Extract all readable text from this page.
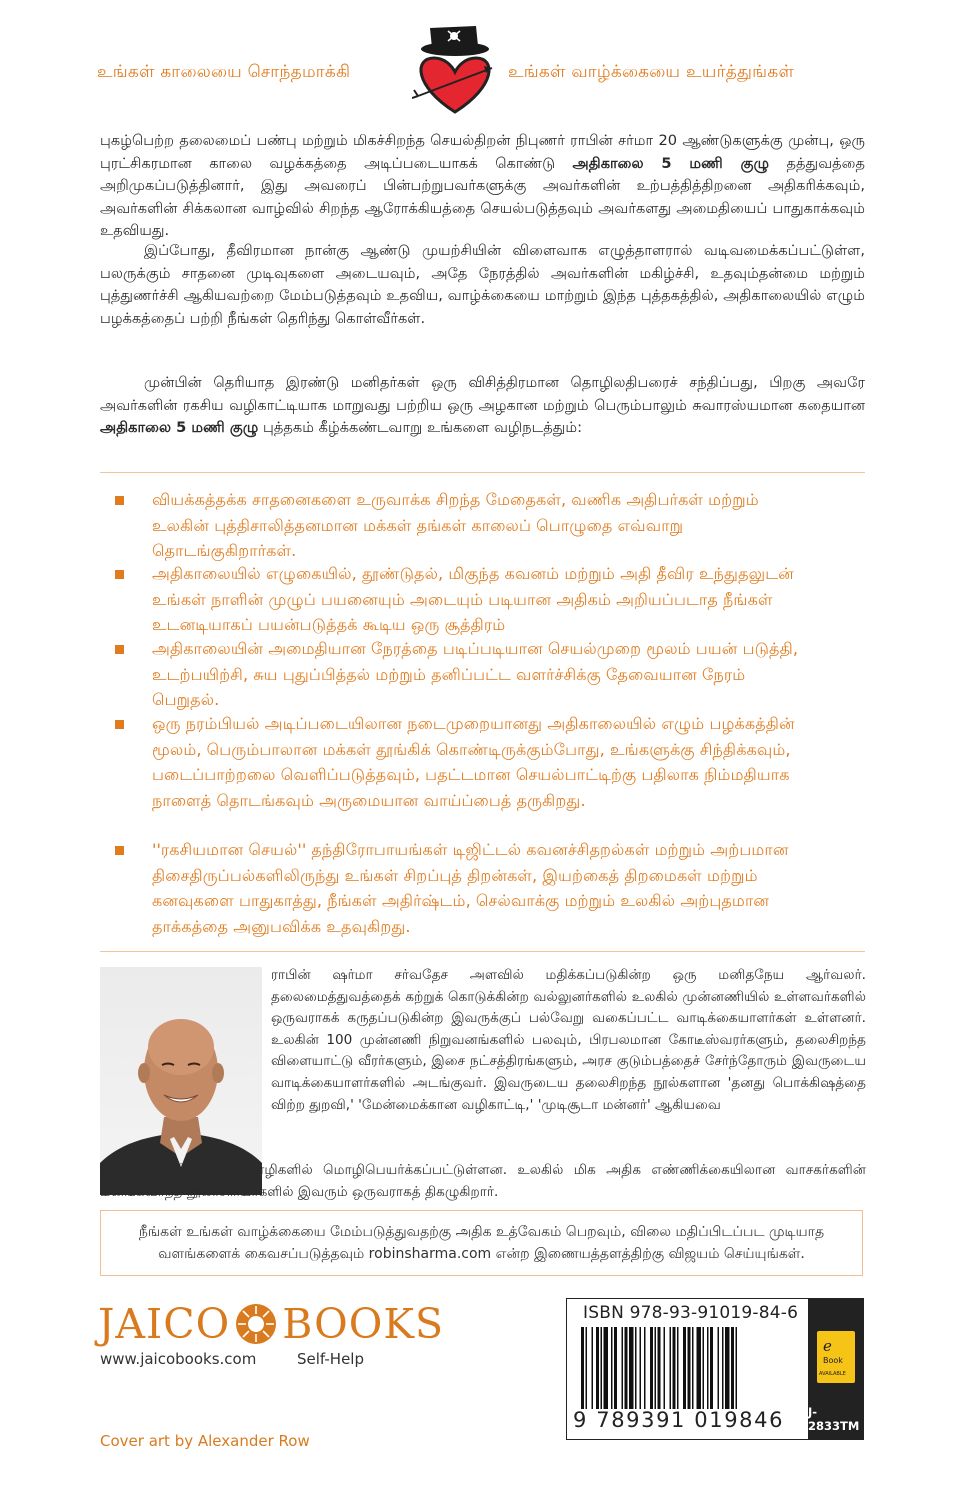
உங்கள் காலையை சொந்தமாக்கி	உங்கள் வாழ்க்கையை உயர்த்துங்கள்
புகழ்பெற்ற தலைமைப் பண்பு மற்றும் மிகச்சிறந்த செயல்திறன் நிபுணர் ராபின் சர்மா 20 ஆண்டுகளுக்கு முன்பு, ஒரு புரட்சிகரமான காலை வழக்கத்தை அடிப்படையாகக் கொண்டு அதிகாலை 5 மணி குழு தத்துவத்தை அறிமுகப்படுத்தினார், இது அவரைப் பின்பற்றுபவர்களுக்கு அவர்களின் உற்பத்தித்திறனை அதிகரிக்கவும், அவர்களின் சிக்கலான வாழ்வில் சிறந்த ஆரோக்கியத்தை செயல்படுத்தவும் அவர்களது அமைதியைப் பாதுகாக்கவும் உதவியது.
இப்போது, தீவிரமான நான்கு ஆண்டு முயற்சியின் விளைவாக எழுத்தாளரால் வடிவமைக்கப்பட்டுள்ள, பலருக்கும் சாதனை முடிவுகளை அடையவும், அதே நேரத்தில் அவர்களின் மகிழ்ச்சி, உதவும்தன்மை மற்றும் புத்துணர்ச்சி ஆகியவற்றை மேம்படுத்தவும் உதவிய, வாழ்க்கையை மாற்றும் இந்த புத்தகத்தில், அதிகாலையில் எழும் பழக்கத்தைப் பற்றி நீங்கள் தெரிந்து கொள்வீர்கள்.
முன்பின் தெரியாத இரண்டு மனிதர்கள் ஒரு விசித்திரமான தொழிலதிபரைச் சந்திப்பது, பிறகு அவரே அவர்களின் ரகசிய வழிகாட்டியாக மாறுவது பற்றிய ஒரு அழகான மற்றும் பெரும்பாலும் சுவாரஸ்யமான கதையான அதிகாலை 5 மணி குழு புத்தகம் கீழ்க்கண்டவாறு உங்களை வழிநடத்தும்:
வியக்கத்தக்க சாதனைகளை உருவாக்க சிறந்த மேதைகள், வணிக அதிபர்கள் மற்றும் உலகின் புத்திசாலித்தனமான மக்கள் தங்கள் காலைப் பொழுதை எவ்வாறு தொடங்குகிறார்கள்.
அதிகாலையில் எழுகையில், தூண்டுதல், மிகுந்த கவனம் மற்றும் அதி தீவிர உந்துதலுடன் உங்கள் நாளின் முழுப் பயனையும் அடையும் படியான அதிகம் அறியப்படாத நீங்கள் உடனடியாகப் பயன்படுத்தக் கூடிய ஒரு சூத்திரம்
அதிகாலையின் அமைதியான நேரத்தை படிப்படியான செயல்முறை மூலம் பயன் படுத்தி, உடற்பயிற்சி, சுய புதுப்பித்தல் மற்றும் தனிப்பட்ட வளர்ச்சிக்கு தேவையான நேரம் பெறுதல்.
ஒரு நரம்பியல் அடிப்படையிலான நடைமுறையானது அதிகாலையில் எழும் பழக்கத்தின் மூலம், பெரும்பாலான மக்கள் தூங்கிக் கொண்டிருக்கும்போது, உங்களுக்கு சிந்திக்கவும், படைப்பாற்றலை வெளிப்படுத்தவும், பதட்டமான செயல்பாட்டிற்கு பதிலாக நிம்மதியாக நாளைத் தொடங்கவும் அருமையான வாய்ப்பைத் தருகிறது.
''ரகசியமான செயல்'' தந்திரோபாயங்கள் டிஜிட்டல் கவனச்சிதறல்கள் மற்றும் அற்பமான திசைதிருப்பல்களிலிருந்து உங்கள் சிறப்புத் திறன்கள், இயற்கைத் திறமைகள் மற்றும் கனவுகளை பாதுகாத்து, நீங்கள் அதிர்ஷ்டம், செல்வாக்கு மற்றும் உலகில் அற்புதமான தாக்கத்தை அனுபவிக்க உதவுகிறது.
ராபின் ஷர்மா சர்வதேச அளவில் மதிக்கப்படுகின்ற ஒரு மனிதநேய ஆர்வலர். தலைமைத்துவத்தைக் கற்றுக் கொடுக்கின்ற வல்லுனர்களில் உலகில் முன்னணியில் உள்ளவர்களில் ஒருவராகக் கருதப்படுகின்ற இவருக்குப் பல்வேறு வகைப்பட்ட வாடிக்கையாளர்கள் உள்ளனர். உலகின் 100 முன்னணி நிறுவனங்களில் பலவும், பிரபலமான கோடீஸ்வரர்களும், தலைசிறந்த விளையாட்டு வீரர்களும், இசை நட்சத்திரங்களும், அரச குடும்பத்தைச் சேர்ந்தோரும் இவருடைய வாடிக்கையாளர்களில் அடங்குவர். இவருடைய தலைசிறந்த நூல்களான 'தனது பொக்கிஷத்தை விற்ற துறவி,' 'மேன்மைக்கான வழிகாட்டி,' 'முடிசூடா மன்னர்' ஆகியவை
92க்கும் அதிகமான மொழிகளில் மொழிபெயர்க்கப்பட்டுள்ளன. உலகில் மிக அதிக எண்ணிக்கையிலான வாசகர்களின் மனங்கவர்ந்த நூலாசிரியர்களில் இவரும் ஒருவராகத் திகழுகிறார்.
நீங்கள் உங்கள் வாழ்க்கையை மேம்படுத்துவதற்கு அதிக உத்வேகம் பெறவும், விலை மதிப்பிடப்பட முடியாத
வளங்களைக் கைவசப்படுத்தவும் robinsharma.com என்ற இணையத்தளத்திற்கு விஜயம் செய்யுங்கள்.
JAICO BOOKS
www.jaicobooks.com	Self-Help
Cover art by Alexander Row
ISBN 978-93-91019-84-6
9 789391 019846
e
Book
AVAILABLE
J-2833TM
